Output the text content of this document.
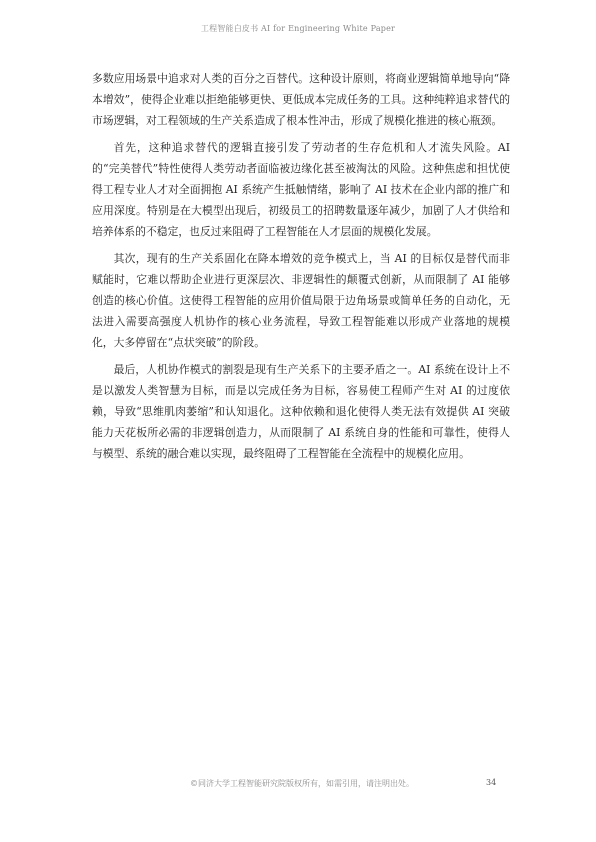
工程智能白皮书 AI for Engineering White Paper

多数应用场景中追求对人类的百分之百替代。这种设计原则，将商业逻辑简单地导向“降本增效”，使得企业难以拒绝能够更快、更低成本完成任务的工具。这种纯粹追求替代的市场逻辑，对工程领域的生产关系造成了根本性冲击，形成了规模化推进的核心瓶颈。

首先，这种追求替代的逻辑直接引发了劳动者的生存危机和人才流失风险。AI 的“完美替代”特性使得人类劳动者面临被边缘化甚至被淘汰的风险。这种焦虑和担忧使得工程专业人才对全面拥抱 AI 系统产生抵触情绪，影响了 AI 技术在企业内部的推广和应用深度。特别是在大模型出现后，初级员工的招聘数量逐年减少，加剧了人才供给和培养体系的不稳定，也反过来阻碍了工程智能在人才层面的规模化发展。

其次，现有的生产关系固化在降本增效的竞争模式上，当 AI 的目标仅是替代而非赋能时，它难以帮助企业进行更深层次、非逻辑性的颠覆式创新，从而限制了 AI 能够创造的核心价值。这使得工程智能的应用价值局限于边角场景或简单任务的自动化，无法进入需要高强度人机协作的核心业务流程，导致工程智能难以形成产业落地的规模化，大多停留在“点状突破”的阶段。

最后，人机协作模式的割裂是现有生产关系下的主要矛盾之一。AI 系统在设计上不是以激发人类智慧为目标，而是以完成任务为目标，容易使工程师产生对 AI 的过度依赖，导致“思维肌肉萎缩”和认知退化。这种依赖和退化使得人类无法有效提供 AI 突破能力天花板所必需的非逻辑创造力，从而限制了 AI 系统自身的性能和可靠性，使得人与模型、系统的融合难以实现，最终阻碍了工程智能在全流程中的规模化应用。

©同济大学工程智能研究院版权所有，如需引用，请注明出处。	34
